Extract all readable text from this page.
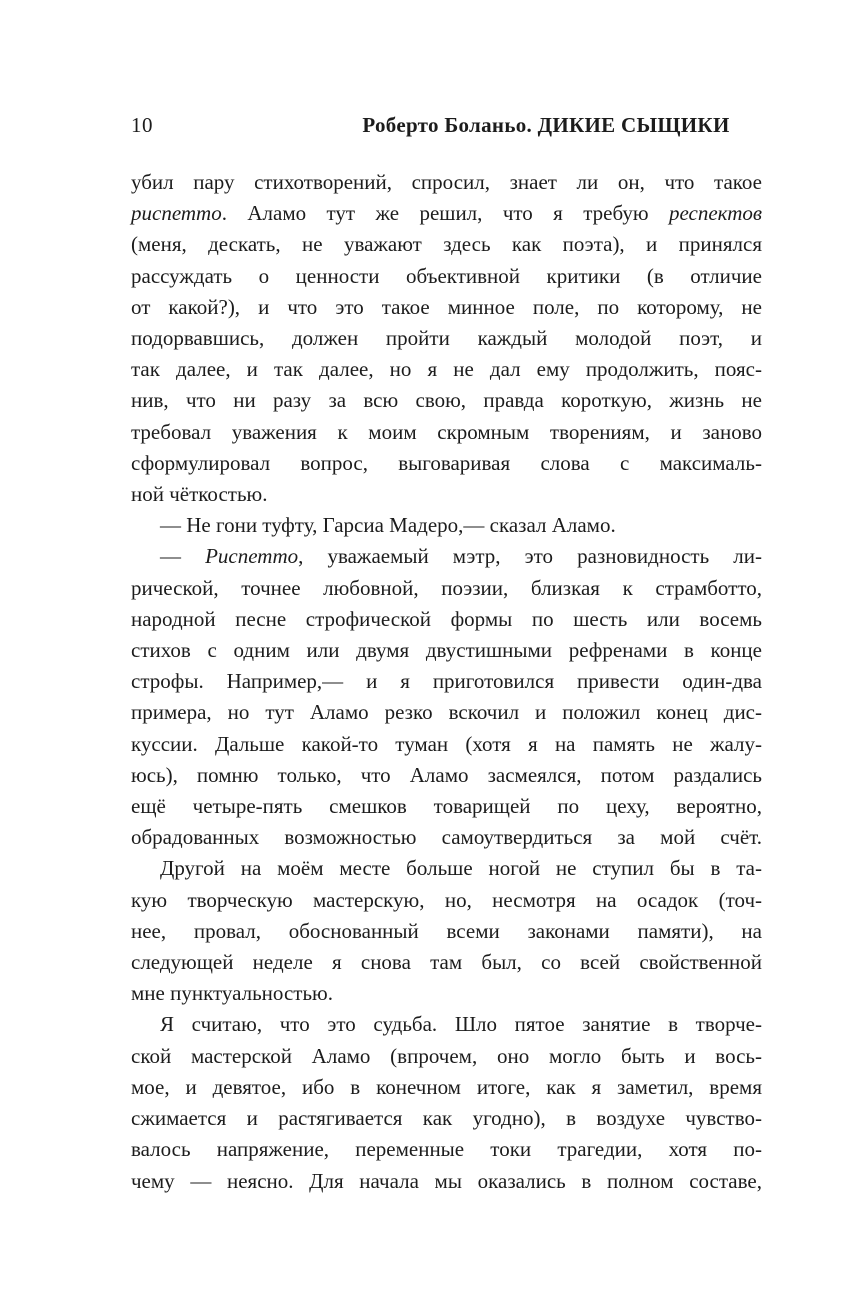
10	Роберто Боланьо. ДИКИЕ СЫЩИКИ
убил пару стихотворений, спросил, знает ли он, что такое
риспетто. Аламо тут же решил, что я требую респектов
(меня, дескать, не уважают здесь как поэта), и принялся
рассуждать о ценности объективной критики (в отличие
от какой?), и что это такое минное поле, по которому, не
подорвавшись, должен пройти каждый молодой поэт, и
так далее, и так далее, но я не дал ему продолжить, пояс-
нив, что ни разу за всю свою, правда короткую, жизнь не
требовал уважения к моим скромным творениям, и заново
сформулировал вопрос, выговаривая слова с максималь-
ной чёткостью.
— Не гони туфту, Гарсиа Мадеро,— сказал Аламо.
— Риспетто, уважаемый мэтр, это разновидность ли-
рической, точнее любовной, поэзии, близкая к страмботто,
народной песне строфической формы по шесть или восемь
стихов с одним или двумя двустишными рефренами в конце
строфы. Например,— и я приготовился привести один-два
примера, но тут Аламо резко вскочил и положил конец дис-
куссии. Дальше какой-то туман (хотя я на память не жалу-
юсь), помню только, что Аламо засмеялся, потом раздались
ещё четыре-пять смешков товарищей по цеху, вероятно,
обрадованных возможностью самоутвердиться за мой счёт.
Другой на моём месте больше ногой не ступил бы в та-
кую творческую мастерскую, но, несмотря на осадок (точ-
нее, провал, обоснованный всеми законами памяти), на
следующей неделе я снова там был, со всей свойственной
мне пунктуальностью.
Я считаю, что это судьба. Шло пятое занятие в творче-
ской мастерской Аламо (впрочем, оно могло быть и вось-
мое, и девятое, ибо в конечном итоге, как я заметил, время
сжимается и растягивается как угодно), в воздухе чувство-
валось напряжение, переменные токи трагедии, хотя по-
чему — неясно. Для начала мы оказались в полном составе,
